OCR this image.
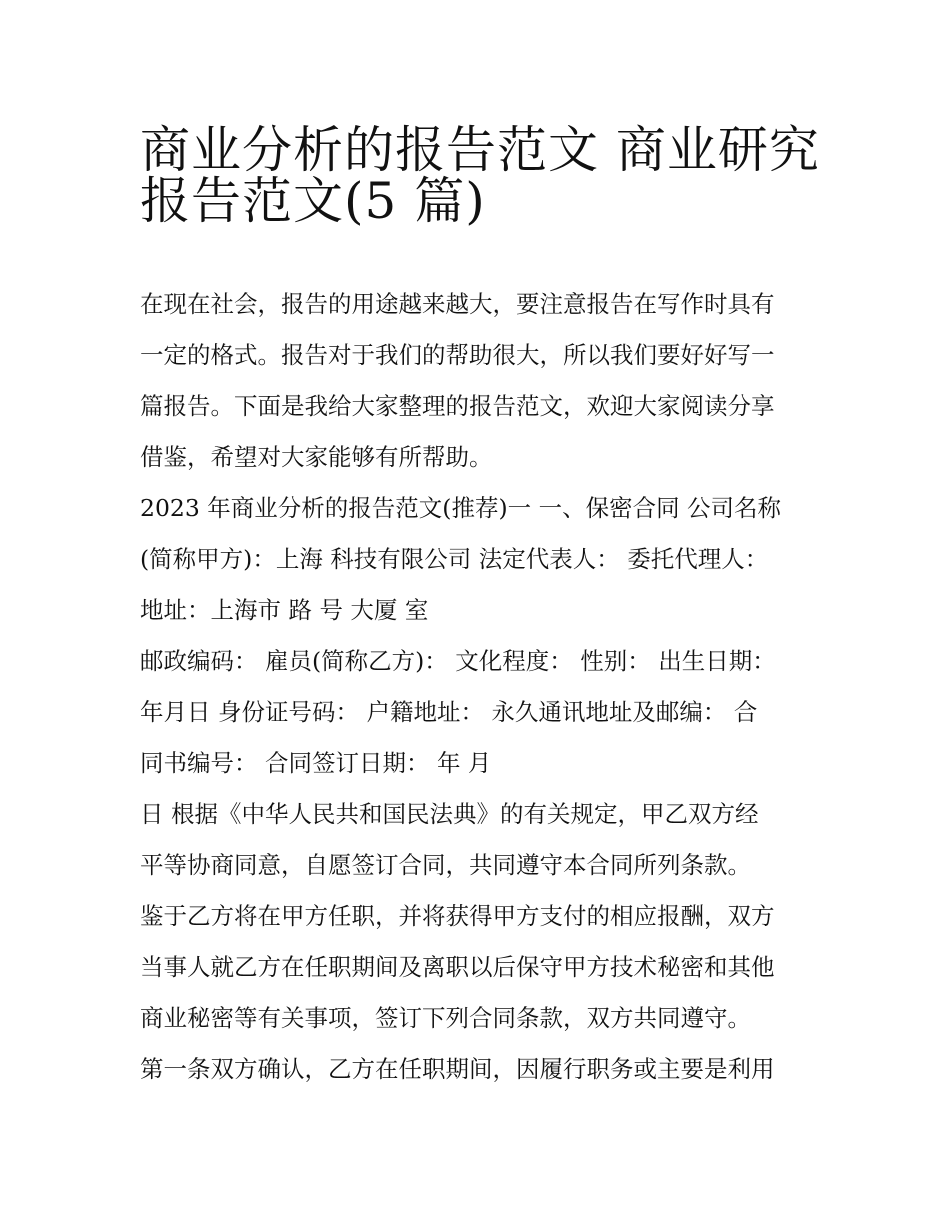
商业分析的报告范文 商业研究
报告范文(5 篇)
在现在社会，报告的用途越来越大，要注意报告在写作时具有
一定的格式。报告对于我们的帮助很大，所以我们要好好写一
篇报告。下面是我给大家整理的报告范文，欢迎大家阅读分享
借鉴，希望对大家能够有所帮助。
2023 年商业分析的报告范文(推荐)一 一、保密合同 公司名称
(简称甲方)：上海 科技有限公司 法定代表人： 委托代理人：
地址：上海市 路 号 大厦 室
邮政编码： 雇员(简称乙方)： 文化程度： 性别： 出生日期：
年月日 身份证号码： 户籍地址： 永久通讯地址及邮编： 合
同书编号： 合同签订日期： 年 月
日 根据《中华人民共和国民法典》的有关规定，甲乙双方经
平等协商同意，自愿签订合同，共同遵守本合同所列条款。
鉴于乙方将在甲方任职，并将获得甲方支付的相应报酬，双方
当事人就乙方在任职期间及离职以后保守甲方技术秘密和其他
商业秘密等有关事项，签订下列合同条款，双方共同遵守。
第一条双方确认，乙方在任职期间，因履行职务或主要是利用
